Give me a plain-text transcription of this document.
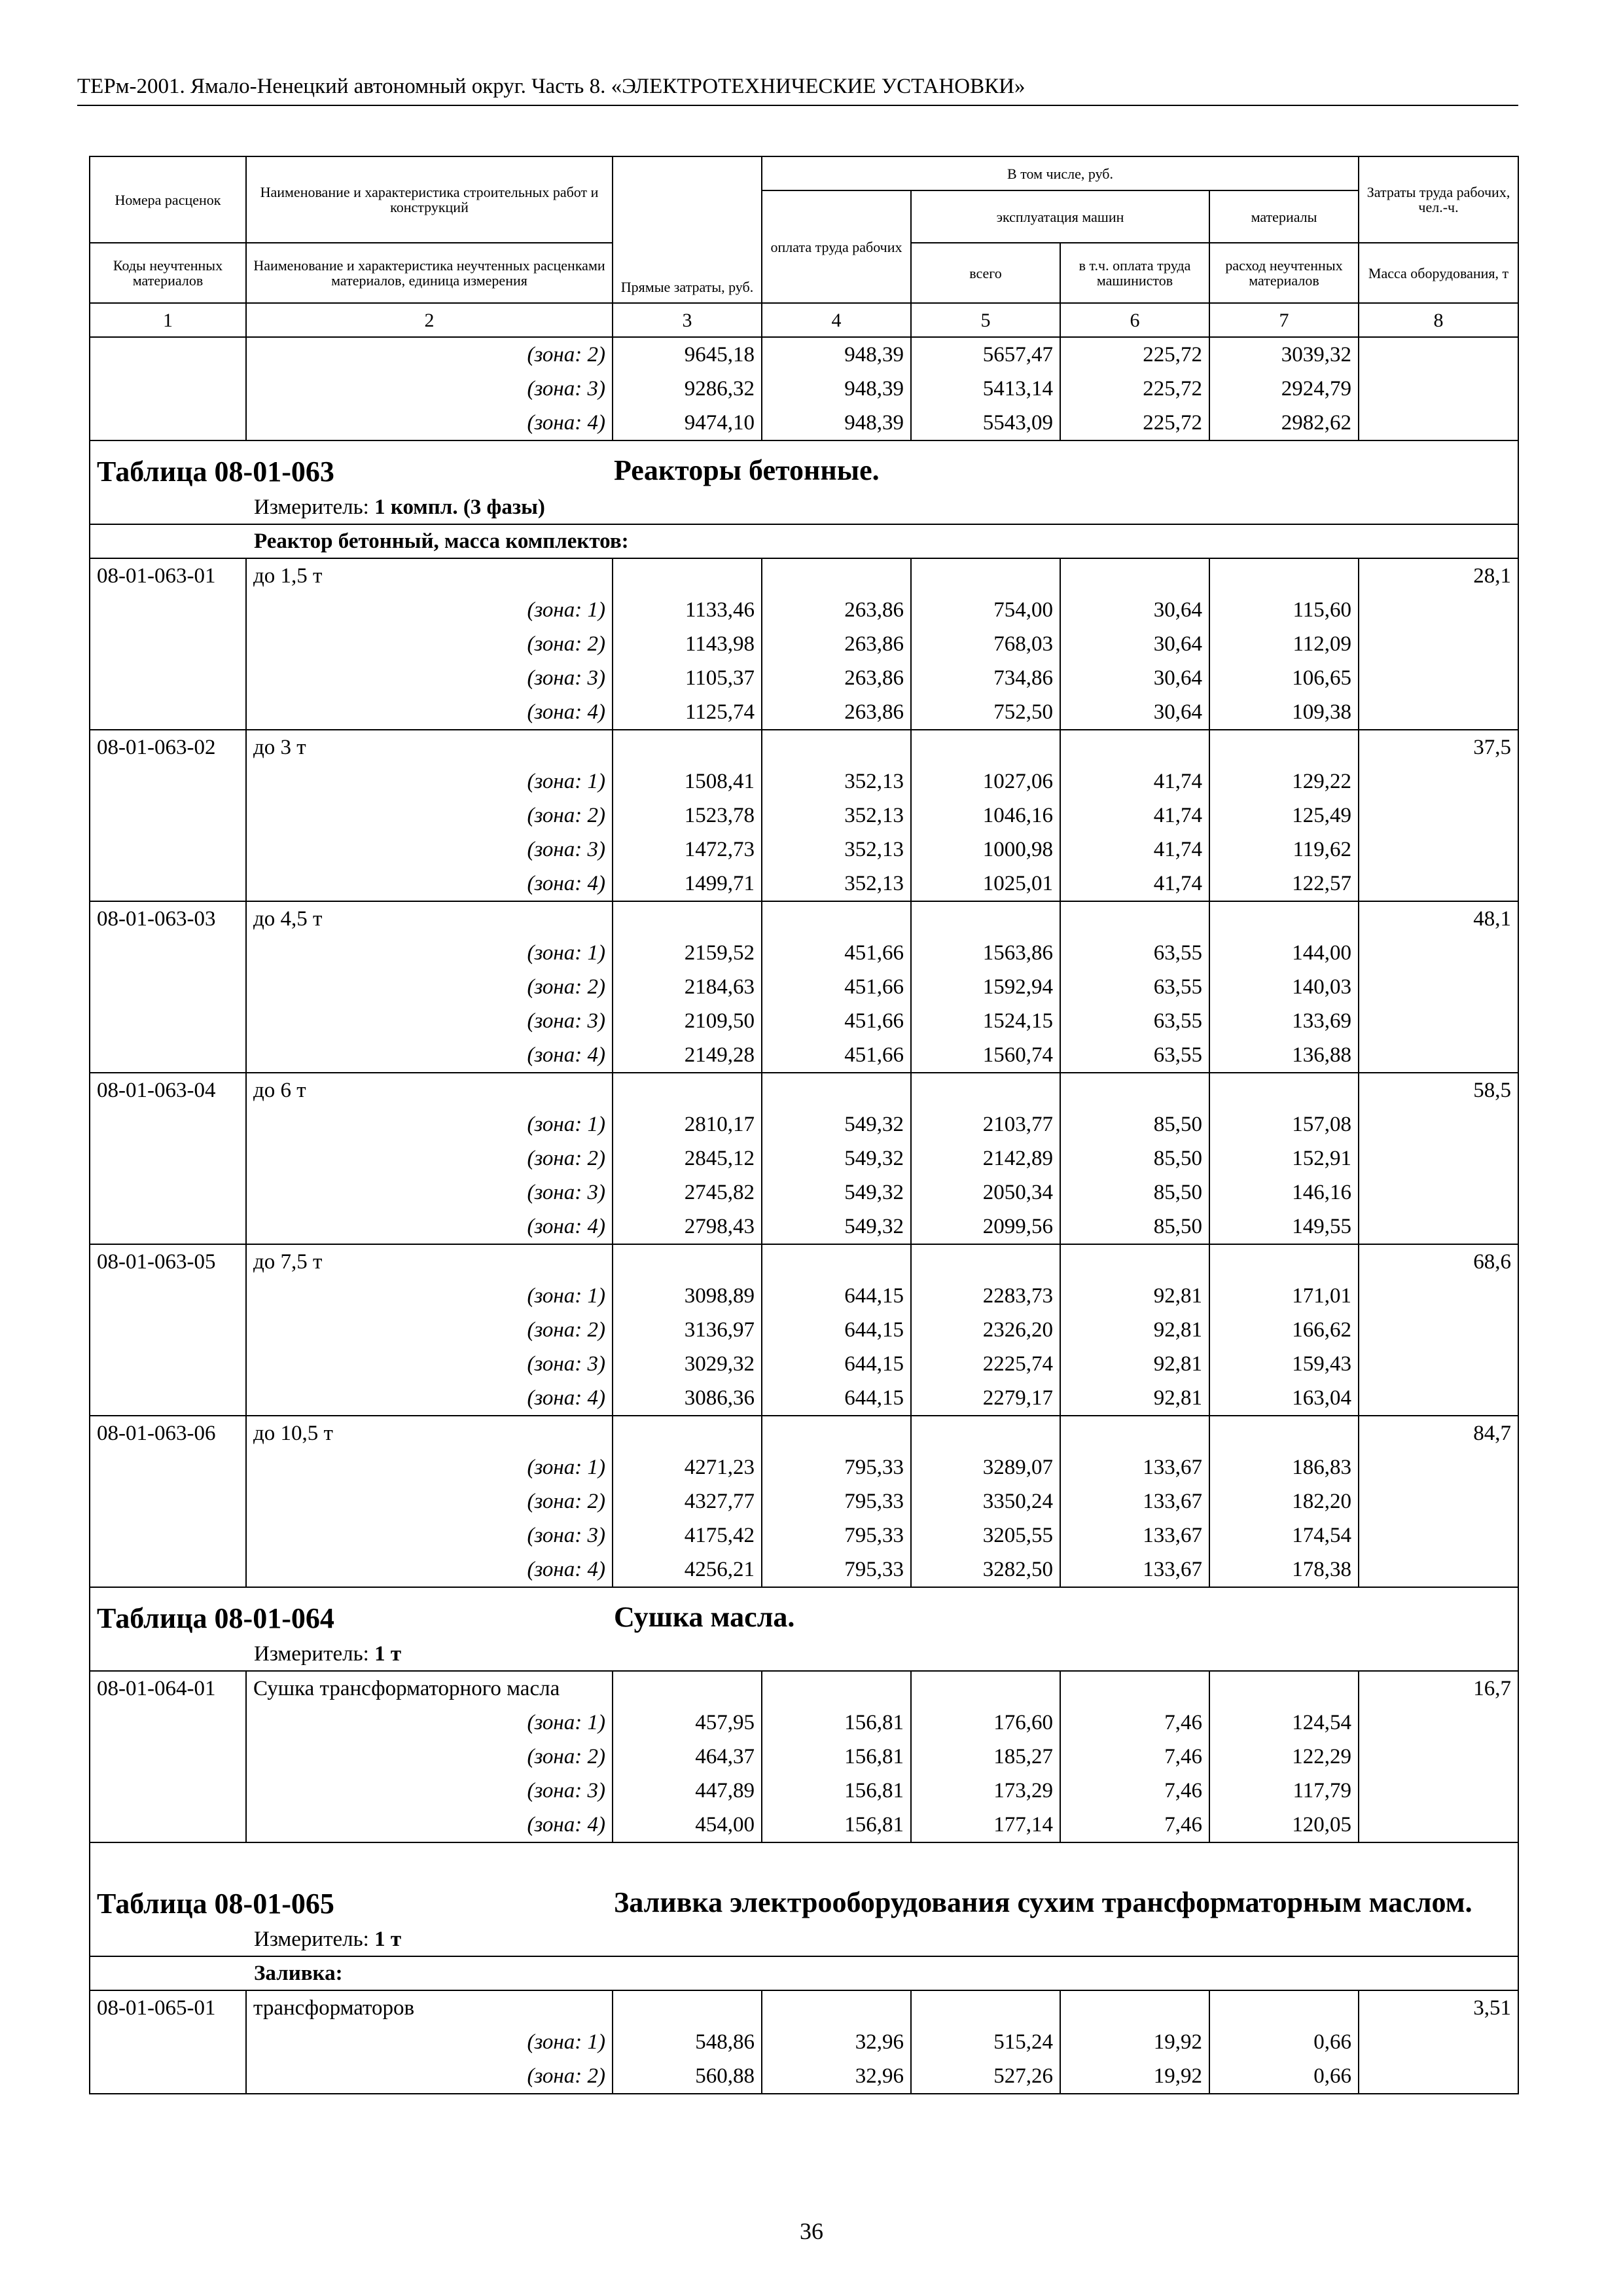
ТЕРм-2001. Ямало-Ненецкий автономный округ. Часть 8. «ЭЛЕКТРОТЕХНИЧЕСКИЕ УСТАНОВКИ»
Номера расценок	Наименование и характеристика строительных работ и конструкций	Прямые затраты, руб.	В том числе, руб.				Затраты труда рабочих, чел.-ч.
			оплата труда рабочих	эксплуатация машин		материалы	
Коды неучтенных материалов	Наименование и характеристика неучтенных расценками материалов, единица измерения			всего	в т.ч. оплата труда машинистов	расход неучтенных материалов	Масса оборудования, т
1	2	3	4	5	6	7	8
	(зона: 2)	9645,18	948,39	5657,47	225,72	3039,32	
	(зона: 3)	9286,32	948,39	5413,14	225,72	2924,79	
	(зона: 4)	9474,10	948,39	5543,09	225,72	2982,62	
Таблица 08-01-063 Реакторы бетонные.							
Измеритель: 1 компл. (3 фазы)							
Реактор бетонный, масса комплектов:							
08-01-063-01	до 1,5 т						28,1
	(зона: 1)	1133,46	263,86	754,00	30,64	115,60	
	(зона: 2)	1143,98	263,86	768,03	30,64	112,09	
	(зона: 3)	1105,37	263,86	734,86	30,64	106,65	
	(зона: 4)	1125,74	263,86	752,50	30,64	109,38	
08-01-063-02	до 3 т						37,5
	(зона: 1)	1508,41	352,13	1027,06	41,74	129,22	
	(зона: 2)	1523,78	352,13	1046,16	41,74	125,49	
	(зона: 3)	1472,73	352,13	1000,98	41,74	119,62	
	(зона: 4)	1499,71	352,13	1025,01	41,74	122,57	
08-01-063-03	до 4,5 т						48,1
	(зона: 1)	2159,52	451,66	1563,86	63,55	144,00	
	(зона: 2)	2184,63	451,66	1592,94	63,55	140,03	
	(зона: 3)	2109,50	451,66	1524,15	63,55	133,69	
	(зона: 4)	2149,28	451,66	1560,74	63,55	136,88	
08-01-063-04	до 6 т						58,5
	(зона: 1)	2810,17	549,32	2103,77	85,50	157,08	
	(зона: 2)	2845,12	549,32	2142,89	85,50	152,91	
	(зона: 3)	2745,82	549,32	2050,34	85,50	146,16	
	(зона: 4)	2798,43	549,32	2099,56	85,50	149,55	
08-01-063-05	до 7,5 т						68,6
	(зона: 1)	3098,89	644,15	2283,73	92,81	171,01	
	(зона: 2)	3136,97	644,15	2326,20	92,81	166,62	
	(зона: 3)	3029,32	644,15	2225,74	92,81	159,43	
	(зона: 4)	3086,36	644,15	2279,17	92,81	163,04	
08-01-063-06	до 10,5 т						84,7
	(зона: 1)	4271,23	795,33	3289,07	133,67	186,83	
	(зона: 2)	4327,77	795,33	3350,24	133,67	182,20	
	(зона: 3)	4175,42	795,33	3205,55	133,67	174,54	
	(зона: 4)	4256,21	795,33	3282,50	133,67	178,38	
Таблица 08-01-064 Сушка масла.							
Измеритель: 1 т							
08-01-064-01	Сушка трансформаторного масла						16,7
	(зона: 1)	457,95	156,81	176,60	7,46	124,54	
	(зона: 2)	464,37	156,81	185,27	7,46	122,29	
	(зона: 3)	447,89	156,81	173,29	7,46	117,79	
	(зона: 4)	454,00	156,81	177,14	7,46	120,05	
Таблица 08-01-065 Заливка электрооборудования сухим трансформаторным маслом.							
Измеритель: 1 т							
Заливка:							
08-01-065-01	трансформаторов						3,51
	(зона: 1)	548,86	32,96	515,24	19,92	0,66	
	(зона: 2)	560,88	32,96	527,26	19,92	0,66	
36
